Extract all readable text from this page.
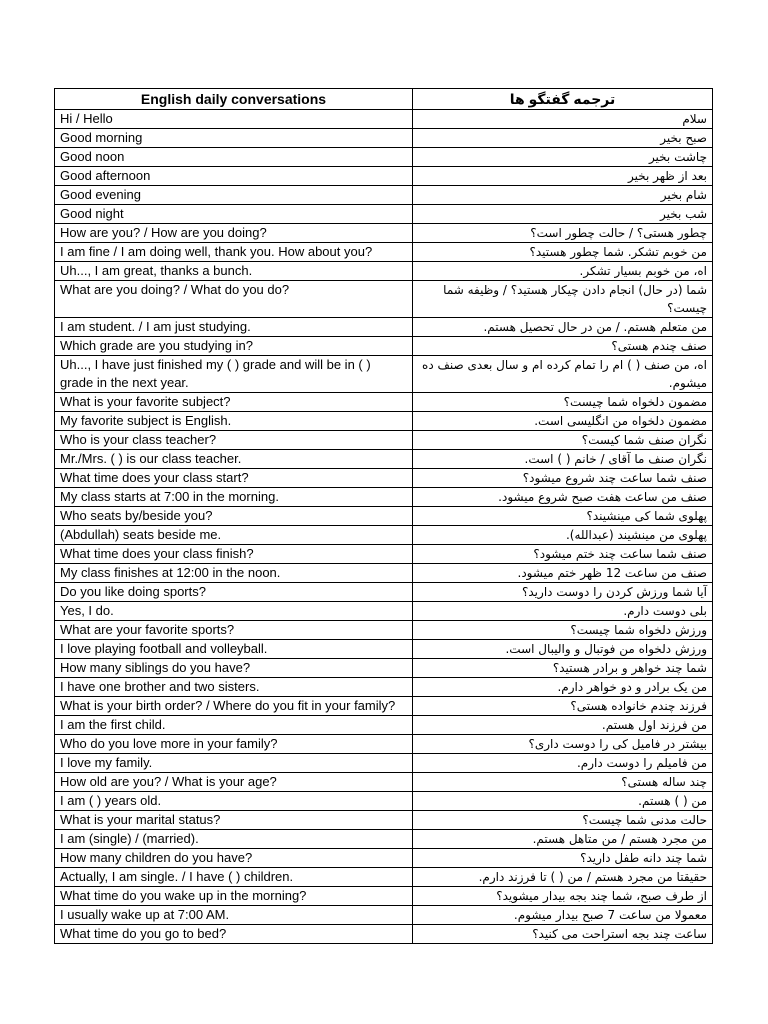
English daily conversations	ترجمه گفتگو ها
Hi / Hello	سلام
Good morning	صبح بخیر
Good noon	چاشت بخیر
Good afternoon	بعد از ظهر بخیر
Good evening	شام بخیر
Good night	شب بخیر
How are you? / How are you doing?	چطور هستی؟ / حالت چطور است؟
I am fine / I am doing well, thank you. How about you?	من خوبم تشکر. شما چطور هستید؟
Uh..., I am great, thanks a bunch.	اه، من خوبم بسیار تشکر.
What are you doing? / What do you do?	شما (در حال) انجام دادن چیکار هستید؟ / وظیفه شما چیست؟
I am student. / I am just studying.	من متعلم هستم. / من در حال تحصیل هستم.
Which grade are you studying in?	صنف چندم هستی؟
Uh..., I have just finished my ( ) grade and will be in ( ) grade in the next year.	اه، من صنف ( ) ام را تمام کرده ام و سال بعدی صنف ده میشوم.
What is your favorite subject?	مضمون دلخواه شما چیست؟
My favorite subject is English.	مضمون دلخواه من انگلیسی است.
Who is your class teacher?	نگران صنف شما کیست؟
Mr./Mrs. ( ) is our class teacher.	نگران صنف ما آقای / خانم ( ) است.
What time does your class start?	صنف شما ساعت چند شروع میشود؟
My class starts at 7:00 in the morning.	صنف من ساعت هفت صبح شروع میشود.
Who seats by/beside you?	پهلوی شما کی مینشیند؟
(Abdullah) seats beside me.	پهلوی من مینشیند (عبدالله).
What time does your class finish?	صنف شما ساعت چند ختم میشود؟
My class finishes at 12:00 in the noon.	صنف من ساعت 12 ظهر ختم میشود.
Do you like doing sports?	آیا شما ورزش کردن را دوست دارید؟
Yes, I do.	بلی دوست دارم.
What are your favorite sports?	ورزش دلخواه شما چیست؟
I love playing football and volleyball.	ورزش دلخواه من فوتبال و والیبال است.
How many siblings do you have?	شما چند خواهر و برادر هستید؟
I have one brother and two sisters.	من یک برادر و دو خواهر دارم.
What is your birth order? / Where do you fit in your family?	فرزند چندم خانواده هستی؟
I am the first child.	من فرزند اول هستم.
Who do you love more in your family?	بیشتر در فامیل کی را دوست داری؟
I love my family.	من فامیلم را دوست دارم.
How old are you? / What is your age?	چند ساله هستی؟
I am ( ) years old.	من ( ) هستم.
What is your marital status?	حالت مدنی شما چیست؟
I am (single) / (married).	من مجرد هستم / من متاهل هستم.
How many children do you have?	شما چند دانه طفل دارید؟
Actually, I am single. / I have ( ) children.	حقیقتا من مجرد هستم / من ( ) تا فرزند دارم.
What time do you wake up in the morning?	از طرف صبح، شما چند بجه بیدار میشوید؟
I usually wake up at 7:00 AM.	معمولا من ساعت 7 صبح بیدار میشوم.
What time do you go to bed?	ساعت چند بجه استراحت می کنید؟
